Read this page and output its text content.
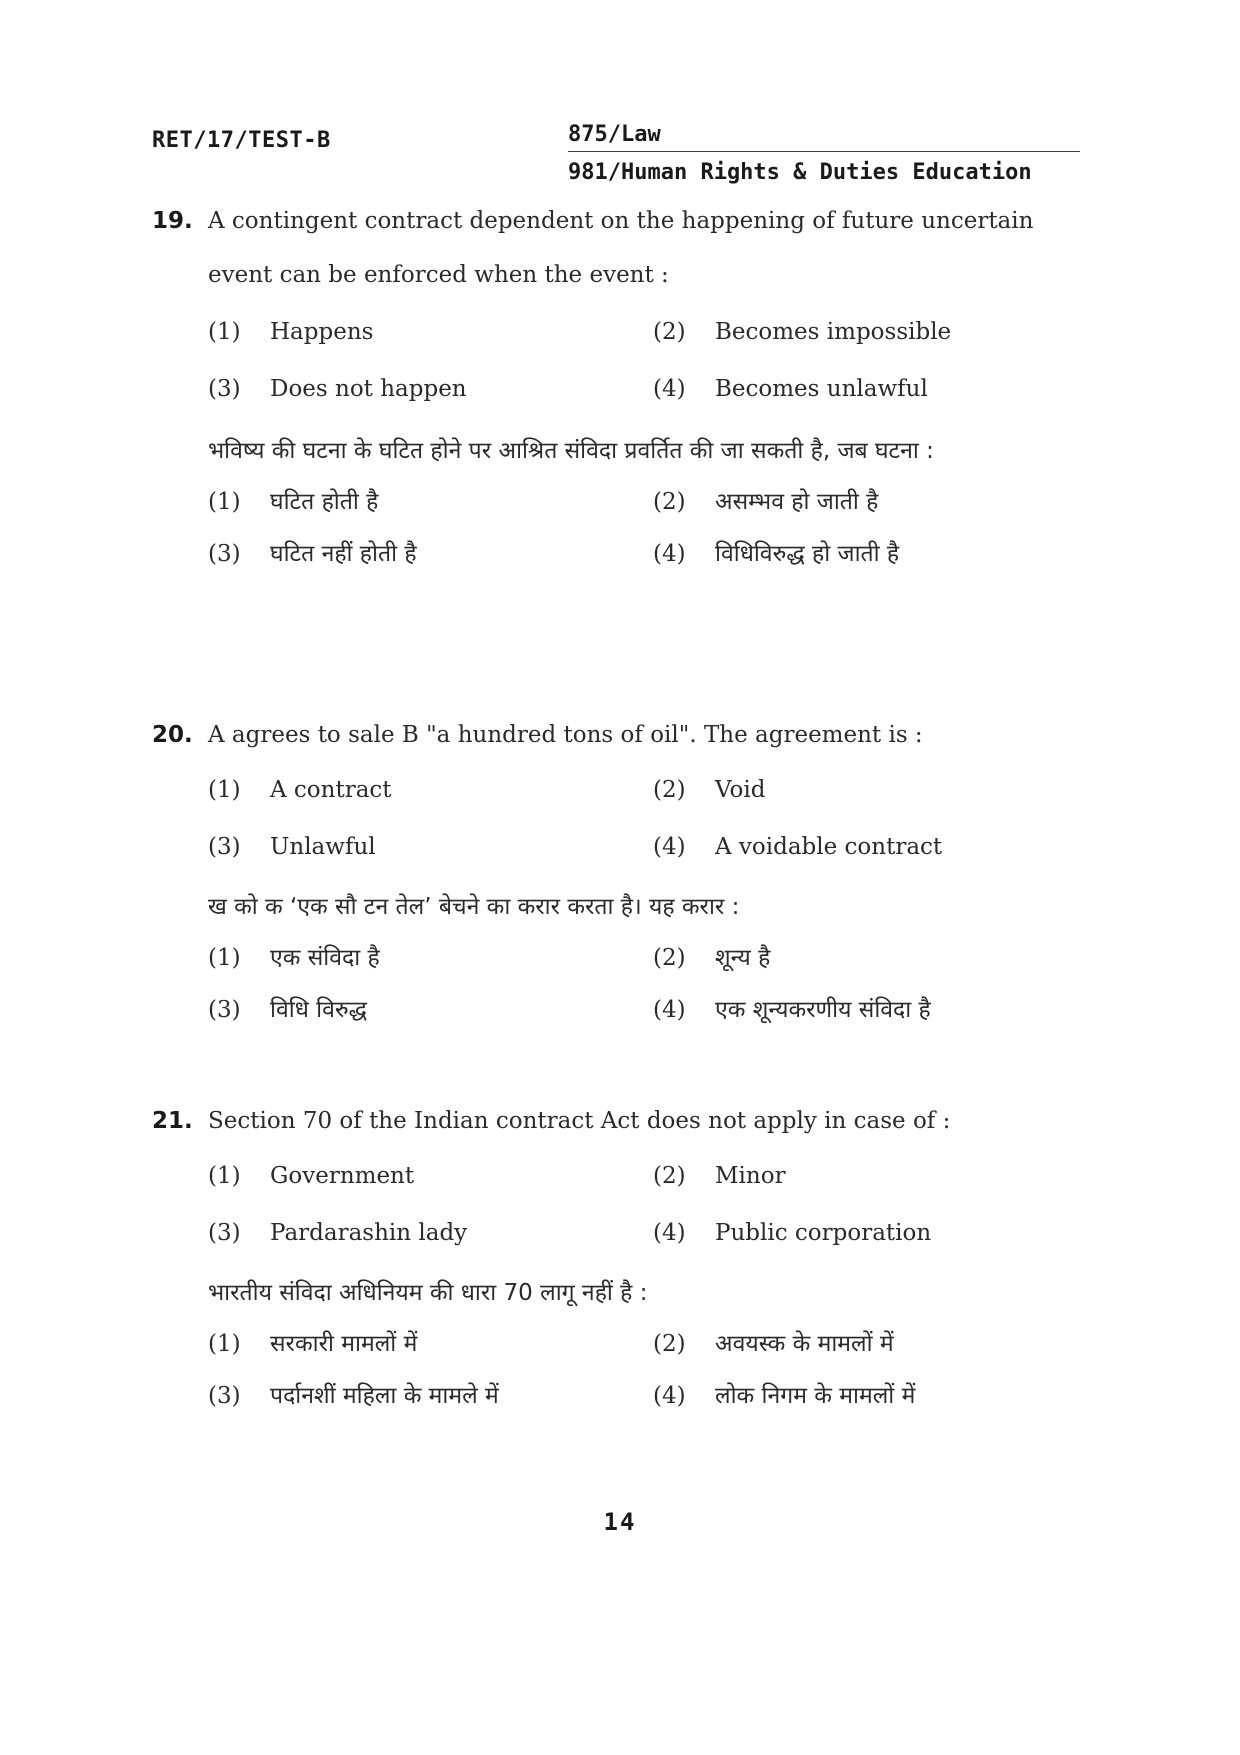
RET/17/TEST-B	875/Law
981/Human Rights & Duties Education
19. A contingent contract dependent on the happening of future uncertain event can be enforced when the event :
(1)	Happens	(2)	Becomes impossible
(3)	Does not happen	(4)	Becomes unlawful
भविष्य की घटना के घटित होने पर आश्रित संविदा प्रवर्तित की जा सकती है, जब घटना :
(1)	घटित होती है	(2)	असम्भव हो जाती है
(3)	घटित नहीं होती है	(4)	विधिविरुद्ध हो जाती है
20. A agrees to sale B "a hundred tons of oil". The agreement is :
(1)	A contract	(2)	Void
(3)	Unlawful	(4)	A voidable contract
ख को क ‘एक सौ टन तेल’ बेचने का करार करता है। यह करार :
(1)	एक संविदा है	(2)	शून्य है
(3)	विधि विरुद्ध	(4)	एक शून्यकरणीय संविदा है
21. Section 70 of the Indian contract Act does not apply in case of :
(1)	Government	(2)	Minor
(3)	Pardarashin lady	(4)	Public corporation
भारतीय संविदा अधिनियम की धारा 70 लागू नहीं है :
(1)	सरकारी मामलों में	(2)	अवयस्क के मामलों में
(3)	पर्दानशीं महिला के मामले में	(4)	लोक निगम के मामलों में
14
